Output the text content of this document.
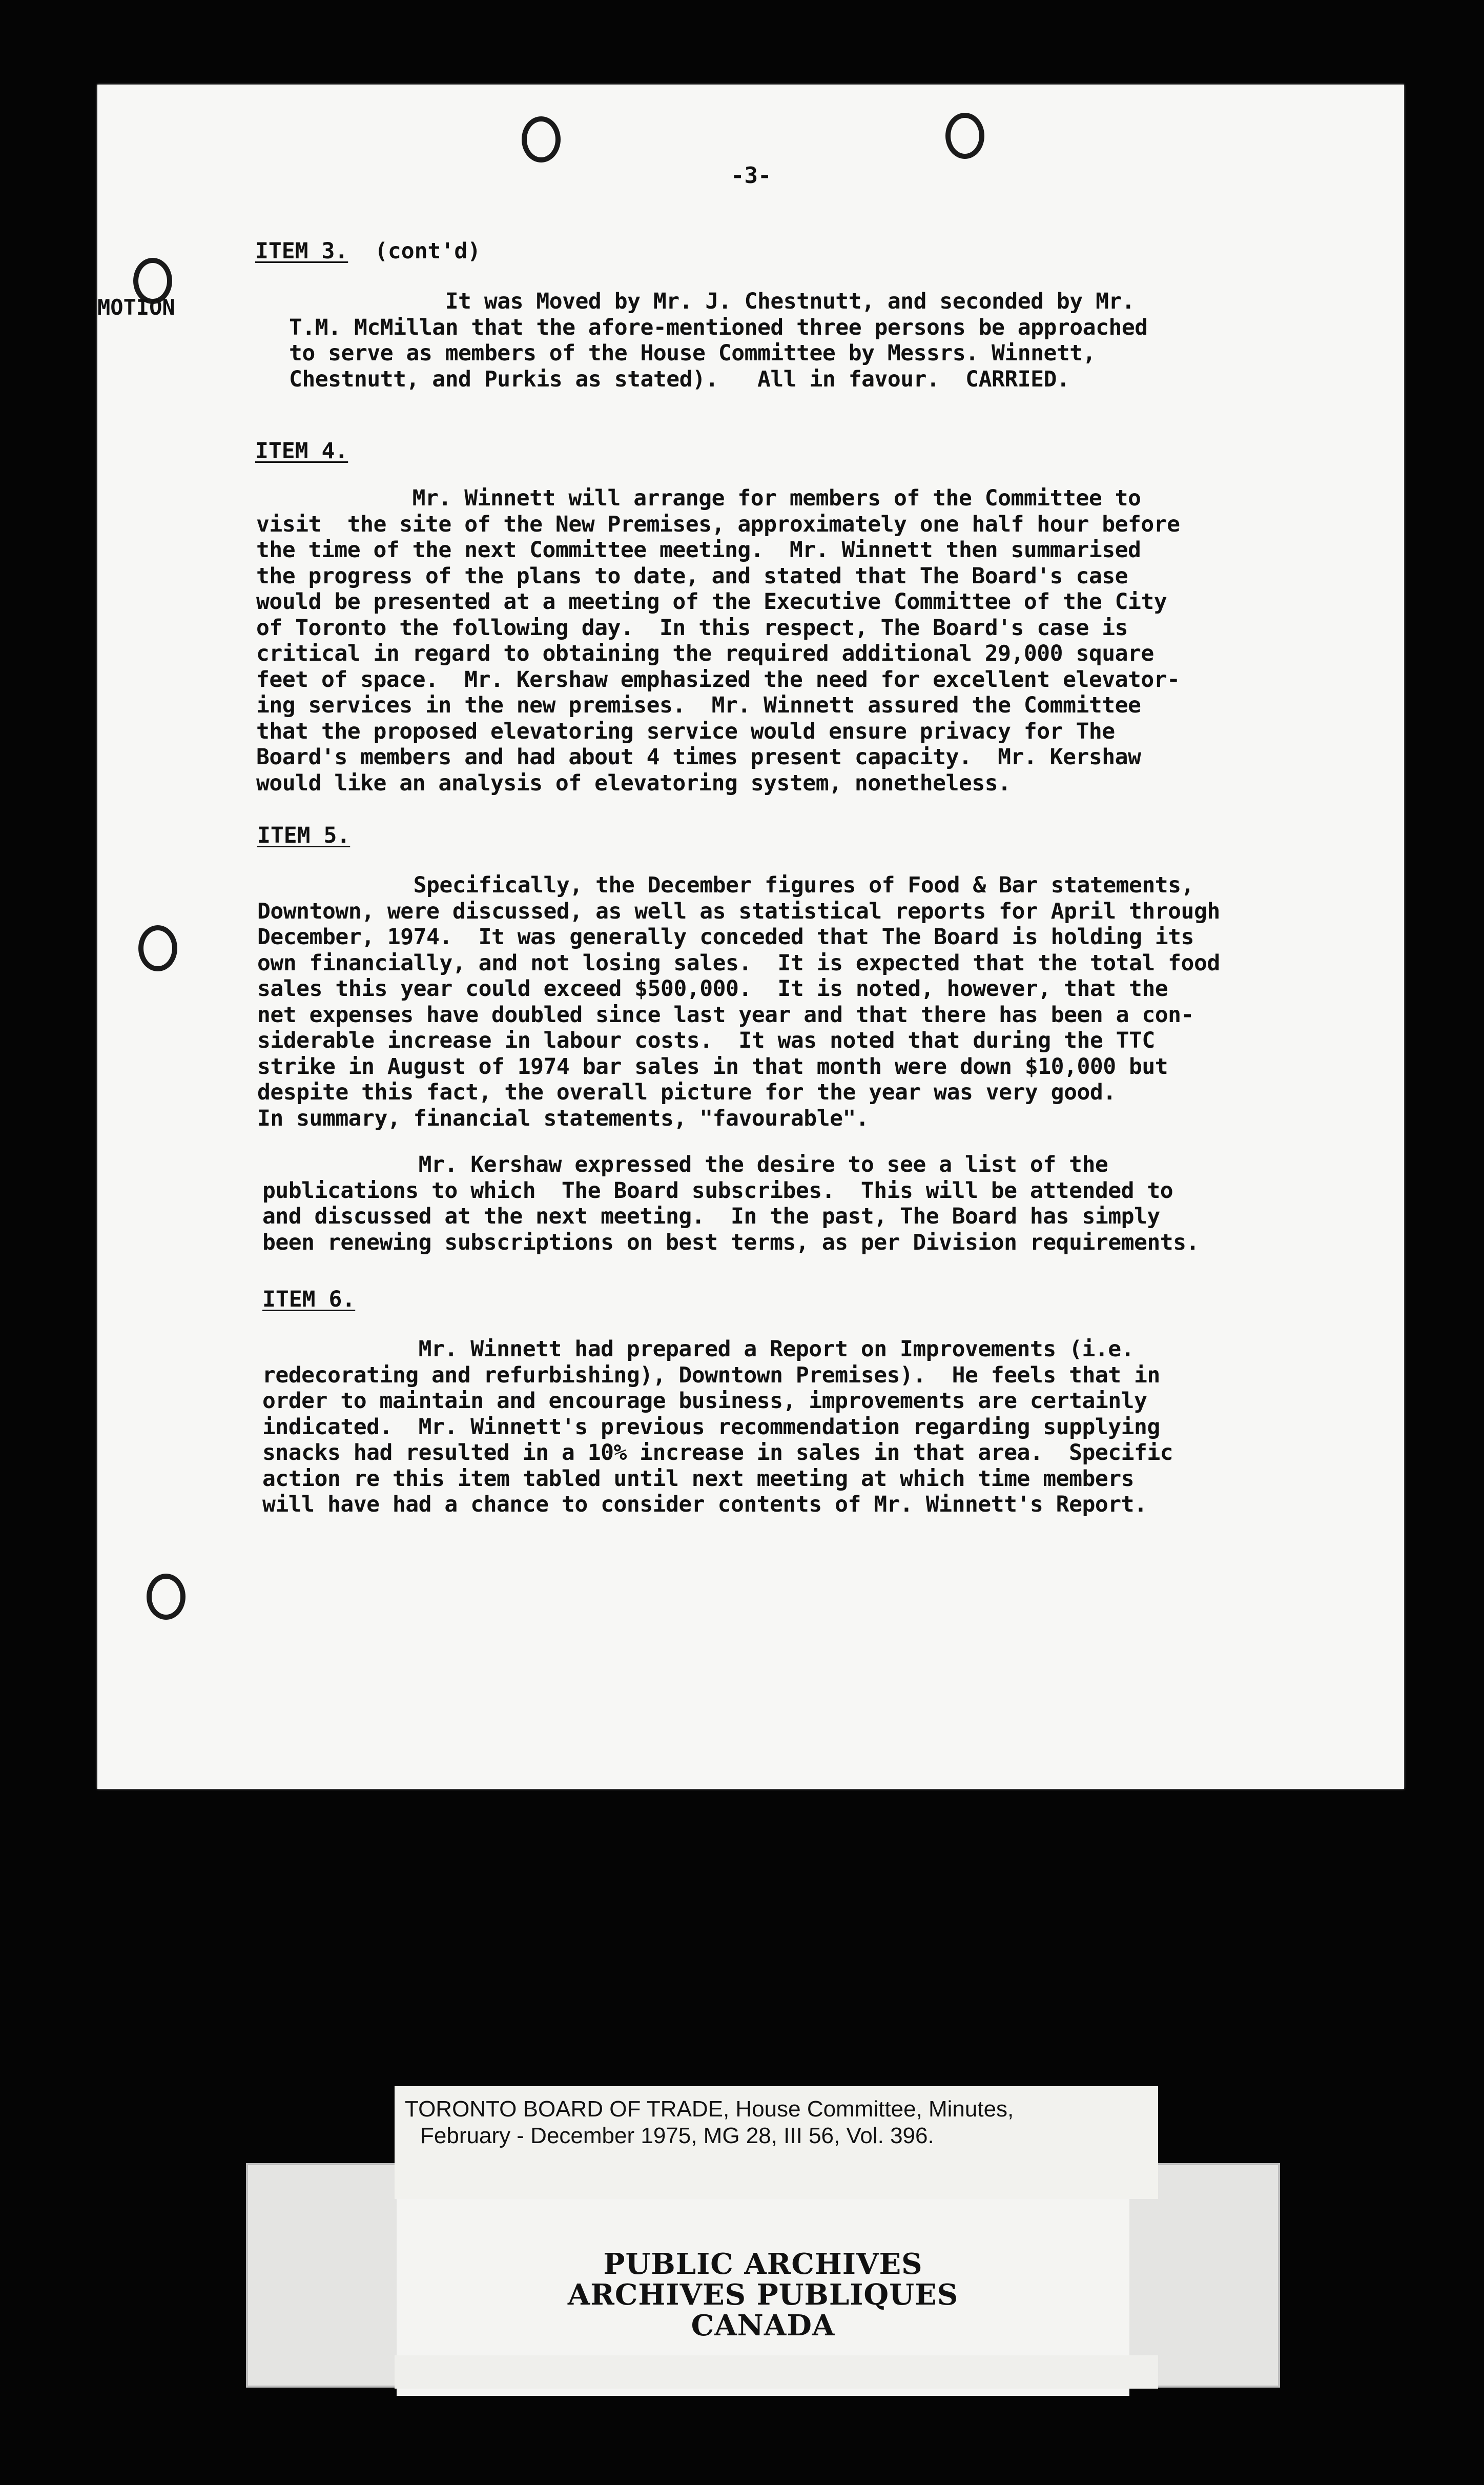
-3-
MOTION
ITEM 3.  (cont'd)
It was Moved by Mr. J. Chestnutt, and seconded by Mr.
T.M. McMillan that the afore-mentioned three persons be approached
to serve as members of the House Committee by Messrs. Winnett,
Chestnutt, and Purkis as stated).   All in favour.  CARRIED.
ITEM 4.
Mr. Winnett will arrange for members of the Committee to
visit  the site of the New Premises, approximately one half hour before
the time of the next Committee meeting.  Mr. Winnett then summarised
the progress of the plans to date, and stated that The Board's case
would be presented at a meeting of the Executive Committee of the City
of Toronto the following day.  In this respect, The Board's case is
critical in regard to obtaining the required additional 29,000 square
feet of space.  Mr. Kershaw emphasized the need for excellent elevator-
ing services in the new premises.  Mr. Winnett assured the Committee
that the proposed elevatoring service would ensure privacy for The
Board's members and had about 4 times present capacity.  Mr. Kershaw
would like an analysis of elevatoring system, nonetheless.
ITEM 5.
Specifically, the December figures of Food & Bar statements,
Downtown, were discussed, as well as statistical reports for April through
December, 1974.  It was generally conceded that The Board is holding its
own financially, and not losing sales.  It is expected that the total food
sales this year could exceed $500,000.  It is noted, however, that the
net expenses have doubled since last year and that there has been a con-
siderable increase in labour costs.  It was noted that during the TTC
strike in August of 1974 bar sales in that month were down $10,000 but
despite this fact, the overall picture for the year was very good.
In summary, financial statements, "favourable".
Mr. Kershaw expressed the desire to see a list of the
publications to which  The Board subscribes.  This will be attended to
and discussed at the next meeting.  In the past, The Board has simply
been renewing subscriptions on best terms, as per Division requirements.
ITEM 6.
Mr. Winnett had prepared a Report on Improvements (i.e.
redecorating and refurbishing), Downtown Premises).  He feels that in
order to maintain and encourage business, improvements are certainly
indicated.  Mr. Winnett's previous recommendation regarding supplying
snacks had resulted in a 10% increase in sales in that area.  Specific
action re this item tabled until next meeting at which time members
will have had a chance to consider contents of Mr. Winnett's Report.
PUBLIC ARCHIVES
ARCHIVES PUBLIQUES
CANADA
TORONTO BOARD OF TRADE, House Committee, Minutes,
February - December 1975, MG 28, III 56, Vol. 396.
